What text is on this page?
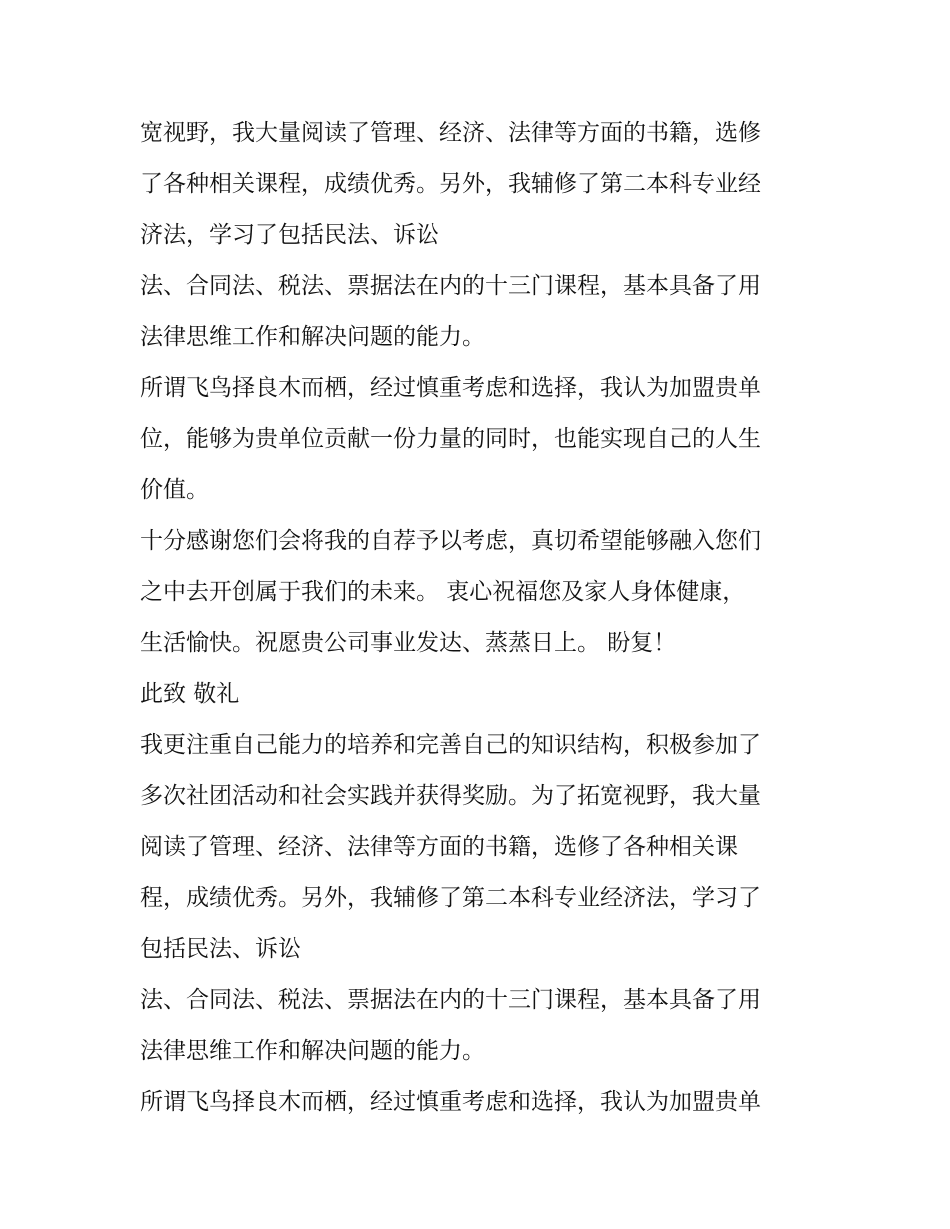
宽视野，我大量阅读了管理、经济、法律等方面的书籍，选修
了各种相关课程，成绩优秀。另外，我辅修了第二本科专业经
济法，学习了包括民法、诉讼
法、合同法、税法、票据法在内的十三门课程，基本具备了用
法律思维工作和解决问题的能力。
所谓飞鸟择良木而栖，经过慎重考虑和选择，我认为加盟贵单
位，能够为贵单位贡献一份力量的同时，也能实现自己的人生
价值。
十分感谢您们会将我的自荐予以考虑，真切希望能够融入您们
之中去开创属于我们的未来。 衷心祝福您及家人身体健康，
生活愉快。祝愿贵公司事业发达、蒸蒸日上。 盼复！
此致 敬礼
我更注重自己能力的培养和完善自己的知识结构，积极参加了
多次社团活动和社会实践并获得奖励。为了拓宽视野，我大量
阅读了管理、经济、法律等方面的书籍，选修了各种相关课
程，成绩优秀。另外，我辅修了第二本科专业经济法，学习了
包括民法、诉讼
法、合同法、税法、票据法在内的十三门课程，基本具备了用
法律思维工作和解决问题的能力。
所谓飞鸟择良木而栖，经过慎重考虑和选择，我认为加盟贵单
